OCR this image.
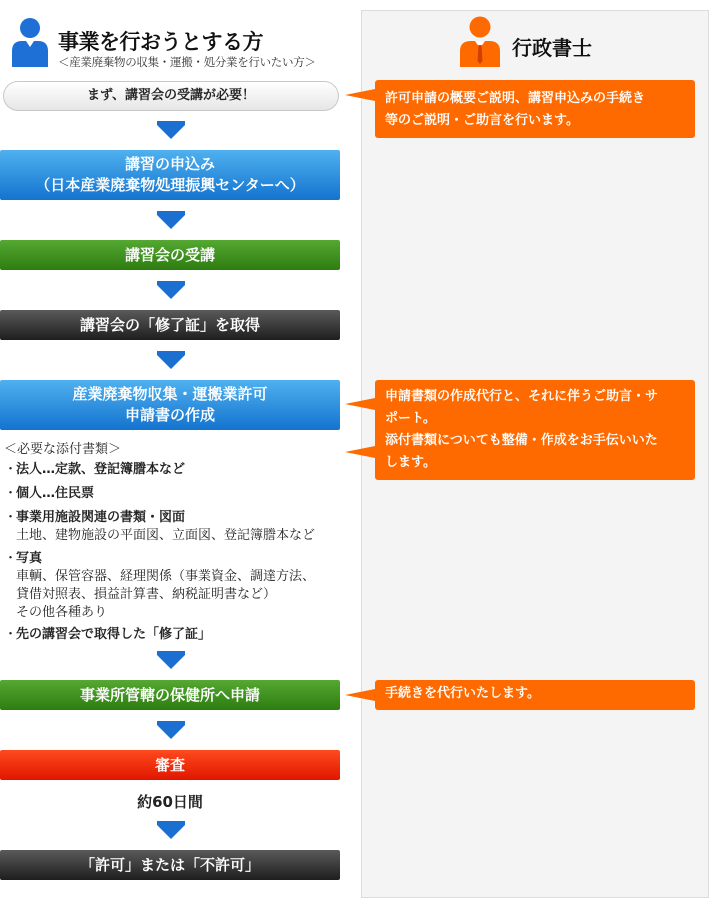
事業を行おうとする方
＜産業廃棄物の収集・運搬・処分業を行いたい方＞
行政書士
まず、講習会の受講が必要！
講習の申込み
（日本産業廃棄物処理振興センターへ）
講習会の受講
講習会の「修了証」を取得
産業廃棄物収集・運搬業許可
申請書の作成
＜必要な添付書類＞
・法人…定款、登記簿謄本など
・個人…住民票
・事業用施設関連の書類・図面
土地、建物施設の平面図、立面図、登記簿謄本など
・写真
車輌、保管容器、経理関係（事業資金、調達方法、
貸借対照表、損益計算書、納税証明書など）
その他各種あり
・先の講習会で取得した「修了証」
事業所管轄の保健所へ申請
審査
約60日間
「許可」または「不許可」
許可申請の概要ご説明、講習申込みの手続き
等のご説明・ご助言を行います。
申請書類の作成代行と、それに伴うご助言・サ
ポート。
添付書類についても整備・作成をお手伝いいた
します。
手続きを代行いたします。
